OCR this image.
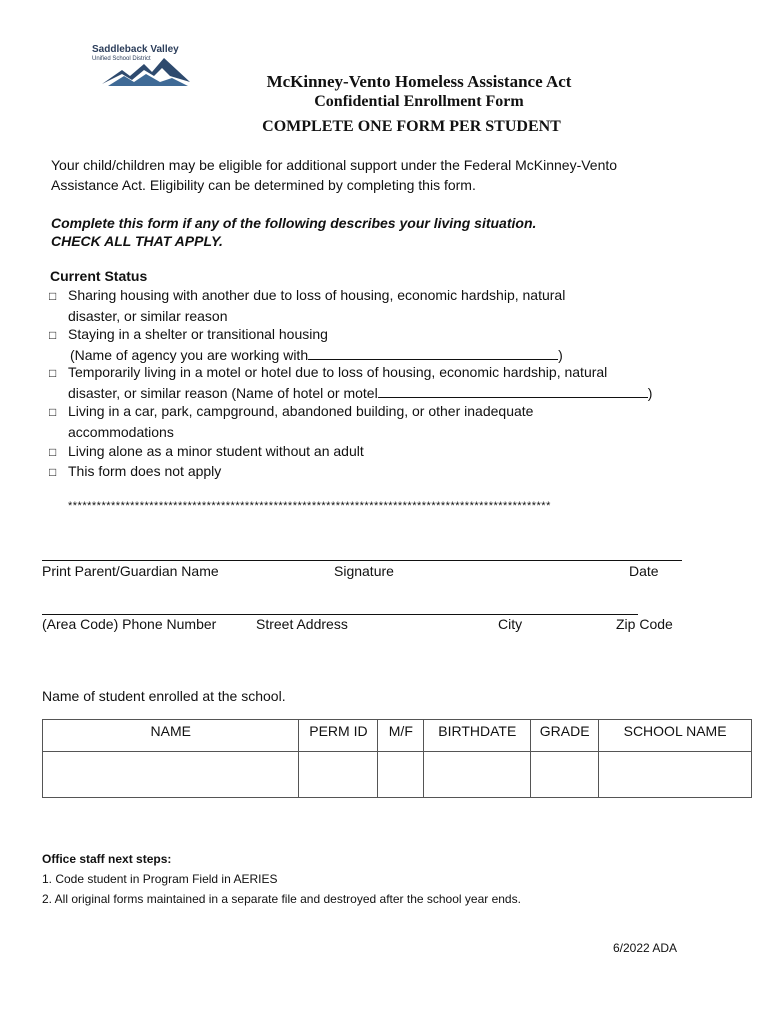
Saddleback Valley
Unified School District
McKinney-Vento Homeless Assistance Act
Confidential Enrollment Form
COMPLETE ONE FORM PER STUDENT
Your child/children may be eligible for additional support under the Federal McKinney-Vento Assistance Act. Eligibility can be determined by completing this form.
Complete this form if any of the following describes your living situation.
CHECK ALL THAT APPLY.
Current Status
□ Sharing housing with another due to loss of housing, economic hardship, natural
disaster, or similar reason
□ Staying in a shelter or transitional housing
(Name of agency you are working with	)
□ Temporarily living in a motel or hotel due to loss of housing, economic hardship, natural
disaster, or similar reason (Name of hotel or motel	)
□ Living in a car, park, campground, abandoned building, or other inadequate
accommodations
□ Living alone as a minor student without an adult
□ This form does not apply
*****************************************************************************************************
Print Parent/Guardian Name	Signature	Date
(Area Code) Phone Number	Street Address	City	Zip Code
Name of student enrolled at the school.
NAME	PERM ID	M/F	BIRTHDATE	GRADE	SCHOOL NAME

Office staff next steps:
1. Code student in Program Field in AERIES
2. All original forms maintained in a separate file and destroyed after the school year ends.
6/2022 ADA
